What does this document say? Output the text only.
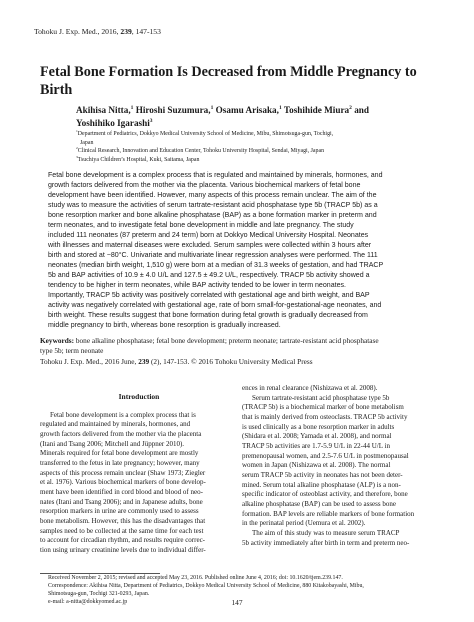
Tohoku J. Exp. Med., 2016, 239, 147-153
Fetal Bone Formation Is Decreased from Middle Pregnancy to
Birth
Akihisa Nitta,$^1$ Hiroshi Suzumura,$^1$ Osamu Arisaka,$^1$ Toshihide Miura$^2$ and
Yoshihiko Igarashi$^3$
$^1$Department of Pediatrics, Dokkyo Medical University School of Medicine, Mibu, Shimotsuga-gun, Tochigi,
Japan
$^2$Clinical Research, Innovation and Education Center, Tohoku University Hospital, Sendai, Miyagi, Japan
$^3$Tsuchiya Children’s Hospital, Kuki, Saitama, Japan
Fetal bone development is a complex process that is regulated and maintained by minerals, hormones, and
growth factors delivered from the mother via the placenta. Various biochemical markers of fetal bone
development have been identified. However, many aspects of this process remain unclear. The aim of the
study was to measure the activities of serum tartrate-resistant acid phosphatase type 5b (TRACP 5b) as a
bone resorption marker and bone alkaline phosphatase (BAP) as a bone formation marker in preterm and
term neonates, and to investigate fetal bone development in middle and late pregnancy. The study
included 111 neonates (87 preterm and 24 term) born at Dokkyo Medical University Hospital. Neonates
with illnesses and maternal diseases were excluded. Serum samples were collected within 3 hours after
birth and stored at −80°C. Univariate and multivariate linear regression analyses were performed. The 111
neonates (median birth weight, 1,510 g) were born at a median of 31.3 weeks of gestation, and had TRACP
5b and BAP activities of 10.9 ± 4.0 U/L and 127.5 ± 49.2 U/L, respectively. TRACP 5b activity showed a
tendency to be higher in term neonates, while BAP activity tended to be lower in term neonates.
Importantly, TRACP 5b activity was positively correlated with gestational age and birth weight, and BAP
activity was negatively correlated with gestational age, rate of born small-for-gestational-age neonates, and
birth weight. These results suggest that bone formation during fetal growth is gradually decreased from
middle pregnancy to birth, whereas bone resorption is gradually increased.
Keywords: bone alkaline phosphatase; fetal bone development; preterm neonate; tartrate-resistant acid phosphatase
type 5b; term neonate
Tohoku J. Exp. Med., 2016 June, 239 (2), 147-153. © 2016 Tohoku University Medical Press
Introduction

Fetal bone development is a complex process that is

regulated and maintained by minerals, hormones, and
growth factors delivered from the mother via the placenta
(Itani and Tsang 2006; Mitchell and Jüppner 2010).
Minerals required for fetal bone development are mostly
transferred to the fetus in late pregnancy; however, many
aspects of this process remain unclear (Shaw 1973; Ziegler
et al. 1976). Various biochemical markers of bone develop-
ment have been identified in cord blood and blood of neo-
nates (Itani and Tsang 2006); and in Japanese adults, bone
resorption markers in urine are commonly used to assess
bone metabolism. However, this has the disadvantages that
samples need to be collected at the same time for each test
to account for circadian rhythm, and results require correc-
tion using urinary creatinine levels due to individual differ-
ences in renal clearance (Nishizawa et al. 2008).

Serum tartrate-resistant acid phosphatase type 5b

(TRACP 5b) is a biochemical marker of bone metabolism
that is mainly derived from osteoclasts. TRACP 5b activity
is used clinically as a bone resorption marker in adults
(Shidara et al. 2008; Yamada et al. 2008), and normal
TRACP 5b activities are 1.7-5.9 U/L in 22-44 U/L in
premenopausal women, and 2.5-7.6 U/L in postmenopausal
women in Japan (Nishizawa et al. 2008). The normal
serum TRACP 5b activity in neonates has not been deter-
mined. Serum total alkaline phosphatase (ALP) is a non-
specific indicator of osteoblast activity, and therefore, bone
alkaline phosphatase (BAP) can be used to assess bone
formation. BAP levels are reliable markers of bone formation
in the perinatal period (Uemura et al. 2002).

The aim of this study was to measure serum TRACP

5b activity immediately after birth in term and preterm neo-
Received November 2, 2015; revised and accepted May 23, 2016. Published online June 4, 2016; doi: 10.1620/tjem.239.147.
Correspondence: Akihisa Nitta, Department of Pediatrics, Dokkyo Medical University School of Medicine, 880 Kitakobayashi, Mibu,
Shimotsuga-gun, Tochigi 321-0293, Japan.
e-mail: a-nitta@dokkyomed.ac.jp	147
